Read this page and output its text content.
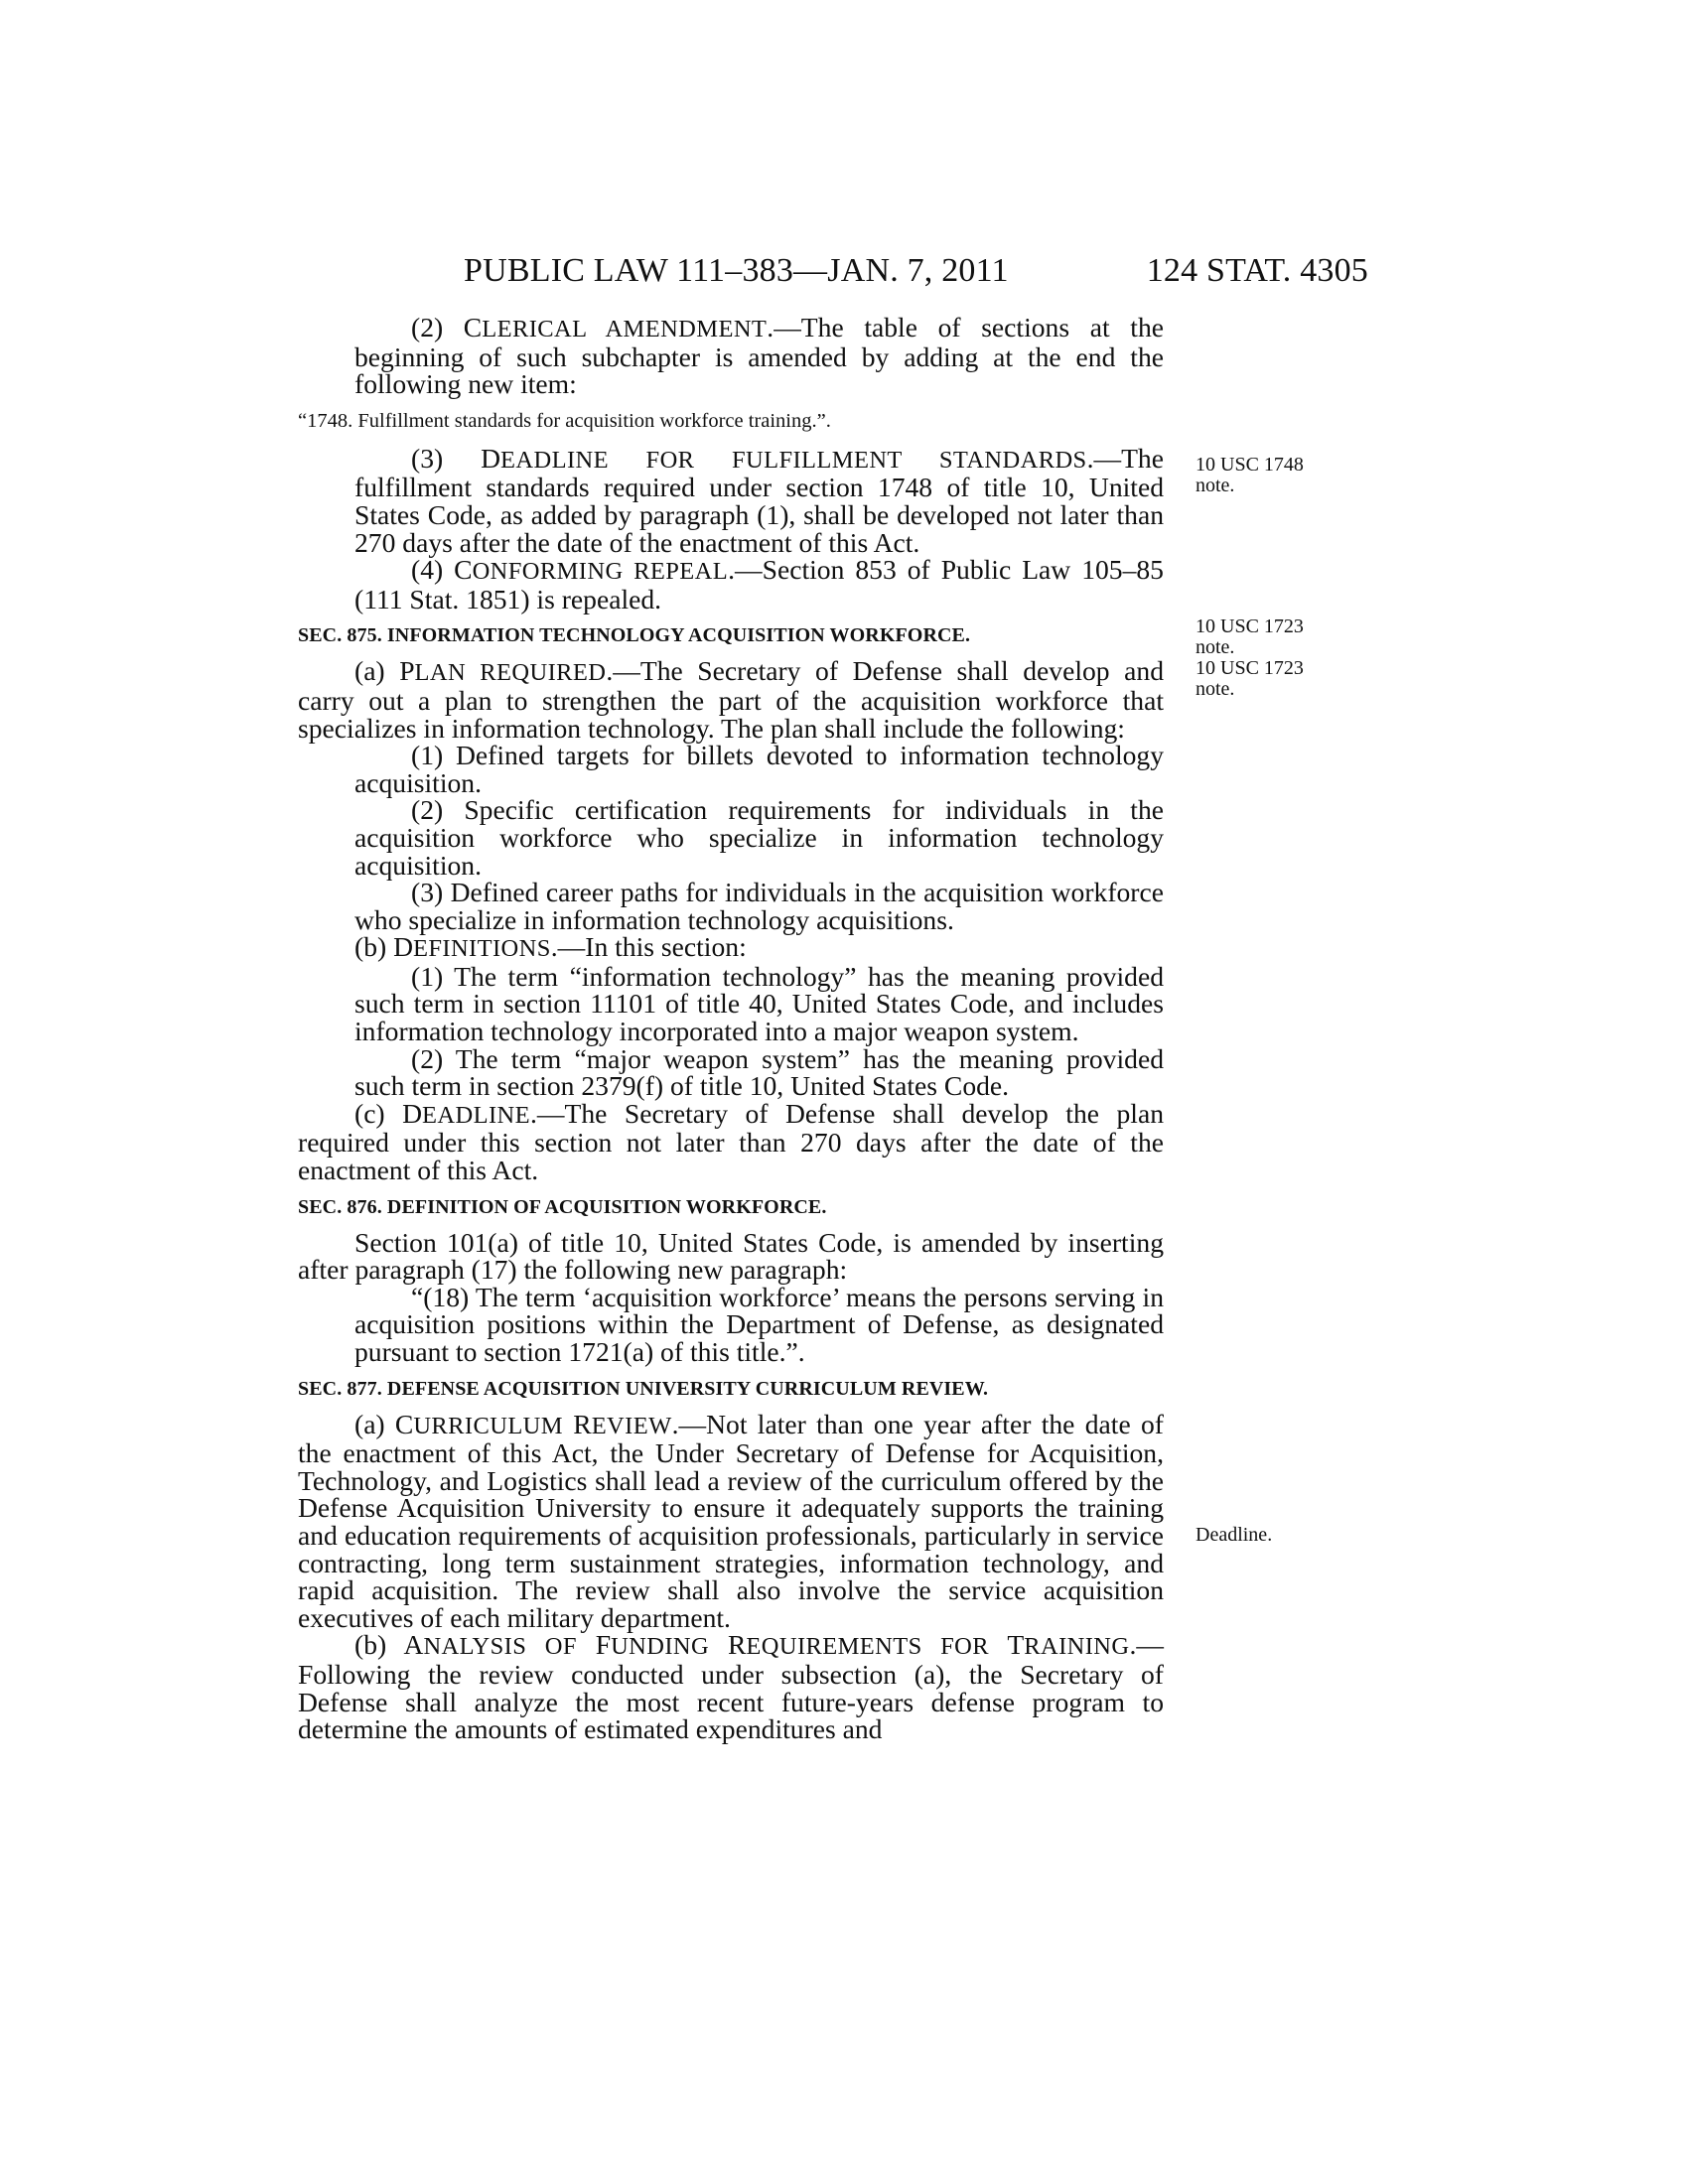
PUBLIC LAW 111–383—JAN. 7, 2011	124 STAT. 4305
10 USC 1748
note.
10 USC 1723
note.
10 USC 1723
note.
Deadline.

(2) CLERICAL AMENDMENT.—The table of sections at the beginning of such subchapter is amended by adding at the end the following new item:

“1748. Fulfillment standards for acquisition workforce training.”.

(3) DEADLINE FOR FULFILLMENT STANDARDS.—The fulfillment standards required under section 1748 of title 10, United States Code, as added by paragraph (1), shall be developed not later than 270 days after the date of the enactment of this Act.

(4) CONFORMING REPEAL.—Section 853 of Public Law 105–85 (111 Stat. 1851) is repealed.

SEC. 875. INFORMATION TECHNOLOGY ACQUISITION WORKFORCE.

(a) PLAN REQUIRED.—The Secretary of Defense shall develop and carry out a plan to strengthen the part of the acquisition workforce that specializes in information technology. The plan shall include the following:

(1) Defined targets for billets devoted to information technology acquisition.

(2) Specific certification requirements for individuals in the acquisition workforce who specialize in information technology acquisition.

(3) Defined career paths for individuals in the acquisition workforce who specialize in information technology acquisitions.

(b) DEFINITIONS.—In this section:

(1) The term “information technology” has the meaning provided such term in section 11101 of title 40, United States Code, and includes information technology incorporated into a major weapon system.

(2) The term “major weapon system” has the meaning provided such term in section 2379(f) of title 10, United States Code.

(c) DEADLINE.—The Secretary of Defense shall develop the plan required under this section not later than 270 days after the date of the enactment of this Act.

SEC. 876. DEFINITION OF ACQUISITION WORKFORCE.

Section 101(a) of title 10, United States Code, is amended by inserting after paragraph (17) the following new paragraph:

“(18) The term ‘acquisition workforce’ means the persons serving in acquisition positions within the Department of Defense, as designated pursuant to section 1721(a) of this title.”.

SEC. 877. DEFENSE ACQUISITION UNIVERSITY CURRICULUM REVIEW.

(a) CURRICULUM REVIEW.—Not later than one year after the date of the enactment of this Act, the Under Secretary of Defense for Acquisition, Technology, and Logistics shall lead a review of the curriculum offered by the Defense Acquisition University to ensure it adequately supports the training and education requirements of acquisition professionals, particularly in service contracting, long term sustainment strategies, information technology, and rapid acquisition. The review shall also involve the service acquisition executives of each military department.

(b) ANALYSIS OF FUNDING REQUIREMENTS FOR TRAINING.—Following the review conducted under subsection (a), the Secretary of Defense shall analyze the most recent future-years defense program to determine the amounts of estimated expenditures and
